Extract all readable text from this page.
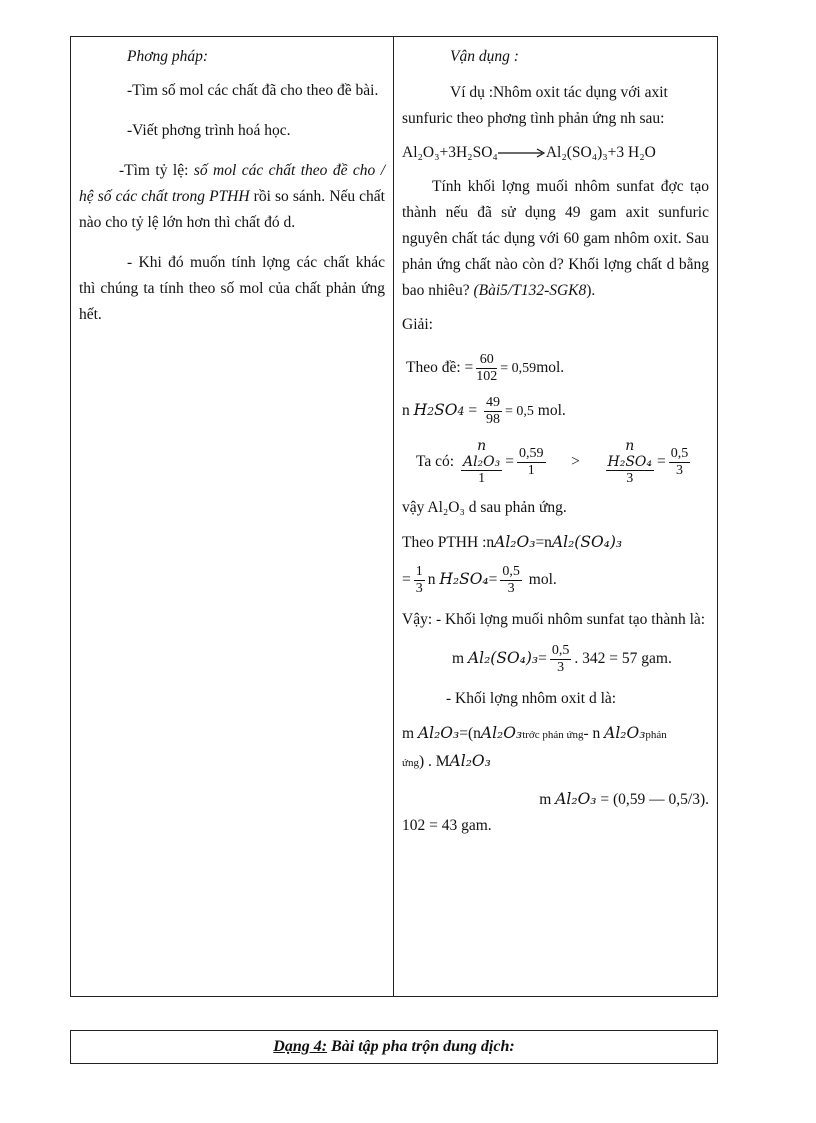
Phơng pháp:

-Tìm số mol các chất đã cho theo đề bài.

-Viết phơng trình hoá học.

-Tìm tỷ lệ: số mol các chất theo đề cho / hệ số các chất trong PTHH rồi so sánh. Nếu chất nào cho tỷ lệ lớn hơn thì chất đó d.

- Khi đó muốn tính lợng các chất khác thì chúng ta tính theo số mol của chất phản ứng hết.

Vận dụng :

Ví dụ :Nhôm oxit tác dụng với axit sunfuric theo phơng tình phản ứng nh sau:

Al₂O₃+3H₂SO₄→Al₂(SO₄)₃+3 H₂O

Tính khối lợng muối nhôm sunfat đợc tạo thành nếu đã sử dụng 49 gam axit sunfuric nguyên chất tác dụng với 60 gam nhôm oxit. Sau phản ứng chất nào còn d? Khối lợng chất d bằng bao nhiêu? (Bài5/T132-SGK8).

Giải:

Theo đề: = $\frac{60}{102} = 0,59mol$.

n $H2SO4 = \frac{49}{98} = 0,5$ mol.

Ta có: n
Al₂O₃
$1 = \frac{0,59}{1} > n$
H₂SO₄
$3 = \frac{0,5}{3}$

vậy Al₂O₃ d sau phản ứng.

Theo PTHH :nAl₂O₃=nAl₂(SO₄)₃

= $\frac{1}{3}$ n $H_2SO_4= \frac{0,5}{3}$ mol.

Vậy: - Khối lợng muối nhôm sunfat tạo thành là:

m $Al_2(SO_4)_3= \frac{0,5}{3}$ . 342 = 57 gam.

- Khối lợng nhôm oxit d là:

m Al₂O₃=(nAl₂O₃trớc phản ứng- n Al₂O₃phản

ứng) . MAl₂O₃

m Al₂O₃ = (0,59 — 0,5/3).

102 = 43 gam.

Dạng 4: Bài tập pha trộn dung dịch:
